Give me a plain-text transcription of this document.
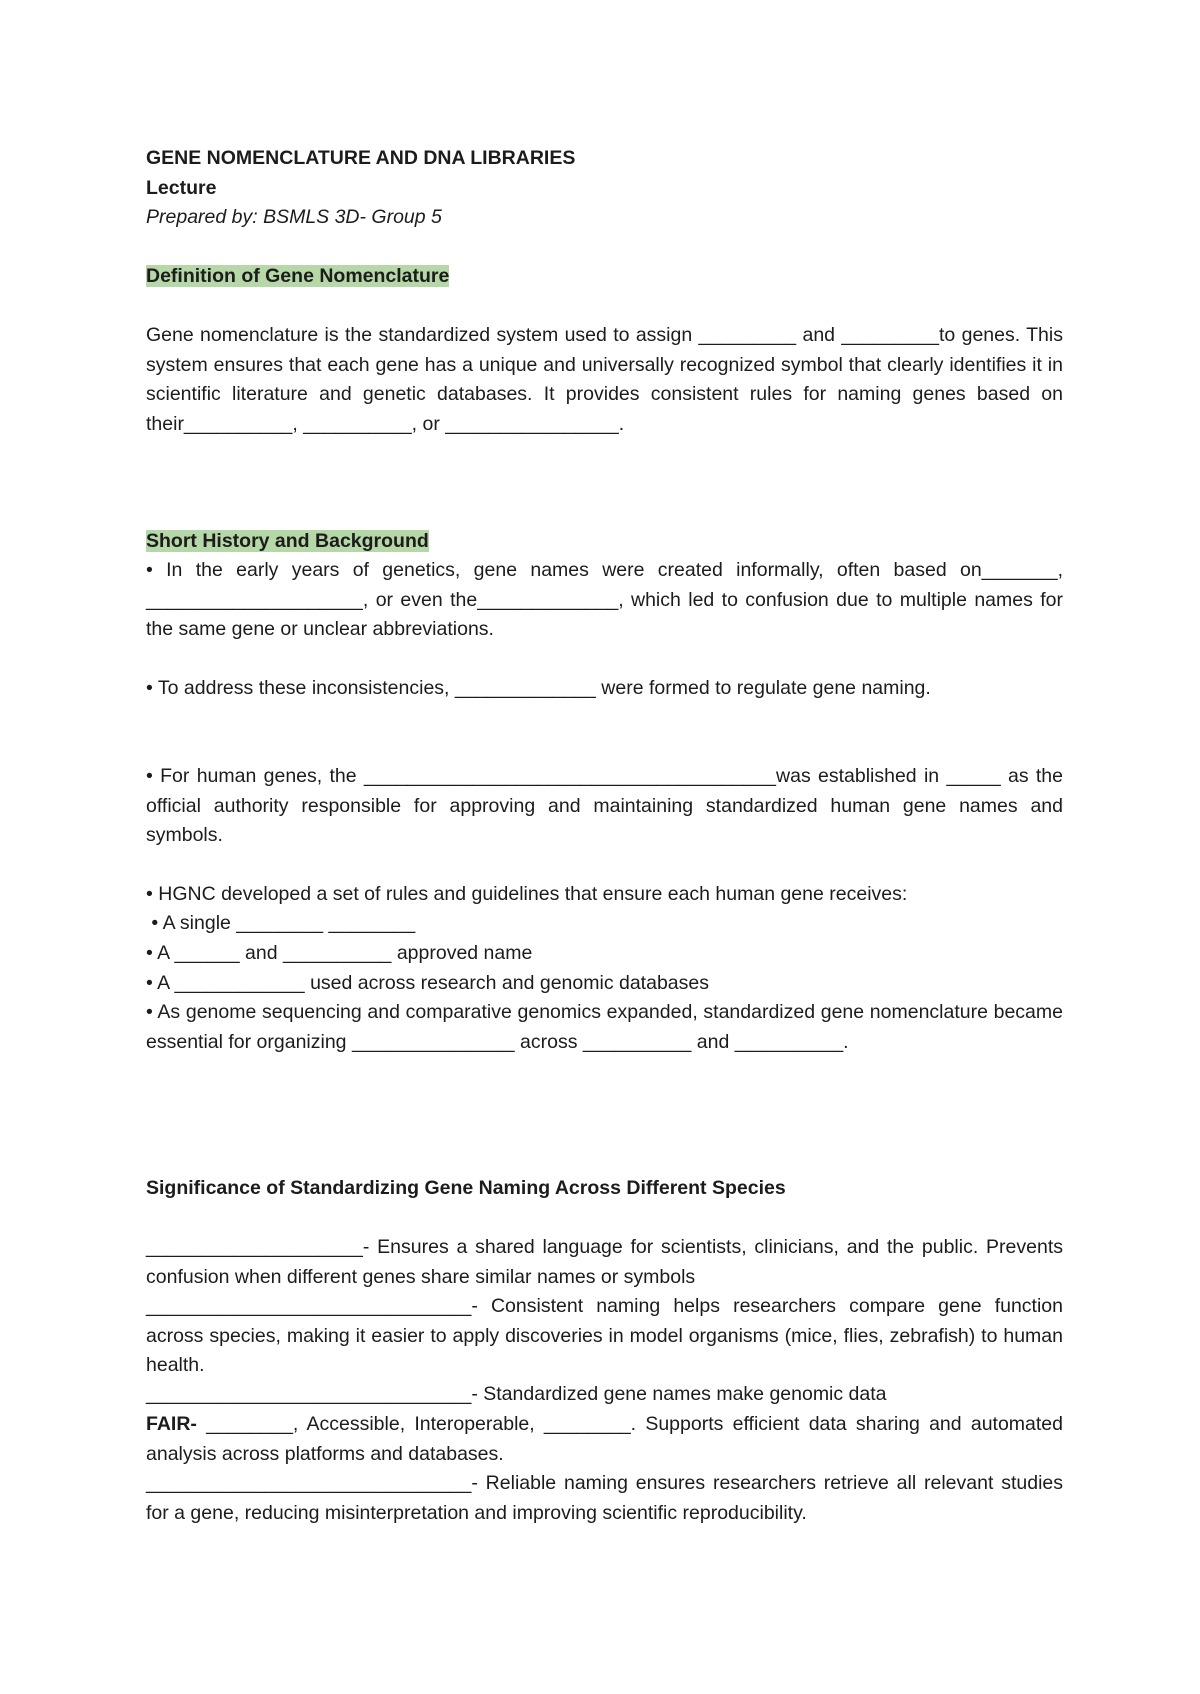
GENE NOMENCLATURE AND DNA LIBRARIES
Lecture
Prepared by: BSMLS 3D- Group 5
Definition of Gene Nomenclature
Gene nomenclature is the standardized system used to assign _________ and _________to genes. This system ensures that each gene has a unique and universally recognized symbol that clearly identifies it in scientific literature and genetic databases. It provides consistent rules for naming genes based on their__________, __________, or ________________.
Short History and Background
• In the early years of genetics, gene names were created informally, often based on_______, ____________________, or even the_____________, which led to confusion due to multiple names for the same gene or unclear abbreviations.
• To address these inconsistencies, _____________ were formed to regulate gene naming.
• For human genes, the ______________________________________was established in _____ as the official authority responsible for approving and maintaining standardized human gene names and symbols.
• HGNC developed a set of rules and guidelines that ensure each human gene receives:
• A single ________ ________
• A ______ and __________ approved name
• A ____________ used across research and genomic databases
• As genome sequencing and comparative genomics expanded, standardized gene nomenclature became essential for organizing _______________ across __________ and __________.
Significance of Standardizing Gene Naming Across Different Species
____________________- Ensures a shared language for scientists, clinicians, and the public. Prevents confusion when different genes share similar names or symbols
______________________________- Consistent naming helps researchers compare gene function across species, making it easier to apply discoveries in model organisms (mice, flies, zebrafish) to human health.
______________________________- Standardized gene names make genomic data
FAIR- ________, Accessible, Interoperable, ________. Supports efficient data sharing and automated analysis across platforms and databases.
______________________________- Reliable naming ensures researchers retrieve all relevant studies for a gene, reducing misinterpretation and improving scientific reproducibility.
